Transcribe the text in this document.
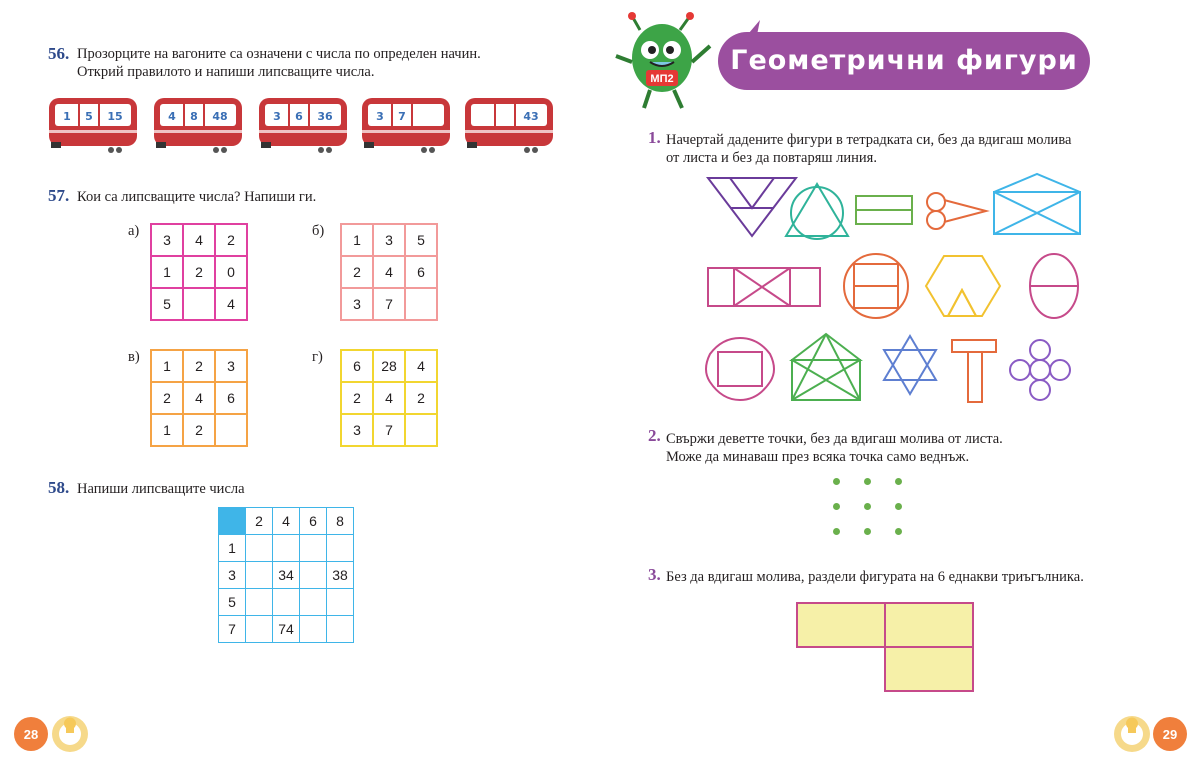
56. Прозорците на вагоните са означени с числа по определен начин.
Открий правилото и напиши липсващите числа.
1 5 15	4 8 48	3 6 36	3 7	43
57. Кои са липсващите числа? Напиши ги.
а)	б)
в)	г)
3	4	2
1	2	0
5		4
1	3	5
2	4	6
3	7	
1	2	3
2	4	6
1	2	
6	28	4
2	4	2
3	7	
58. Напиши липсващите числа
	2	4	6	8
1				
3		34		38
5				
7		74		
28
МП2
Геометрични фигури
1. Начертай дадените фигури в тетрадката си, без да вдигаш молива
от листа и без да повтаряш линия.
2. Свържи деветте точки, без да вдигаш молива от листа.
Може да минаваш през всяка точка само веднъж.
3. Без да вдигаш молива, раздели фигурата на 6 еднакви триъгълника.
29
